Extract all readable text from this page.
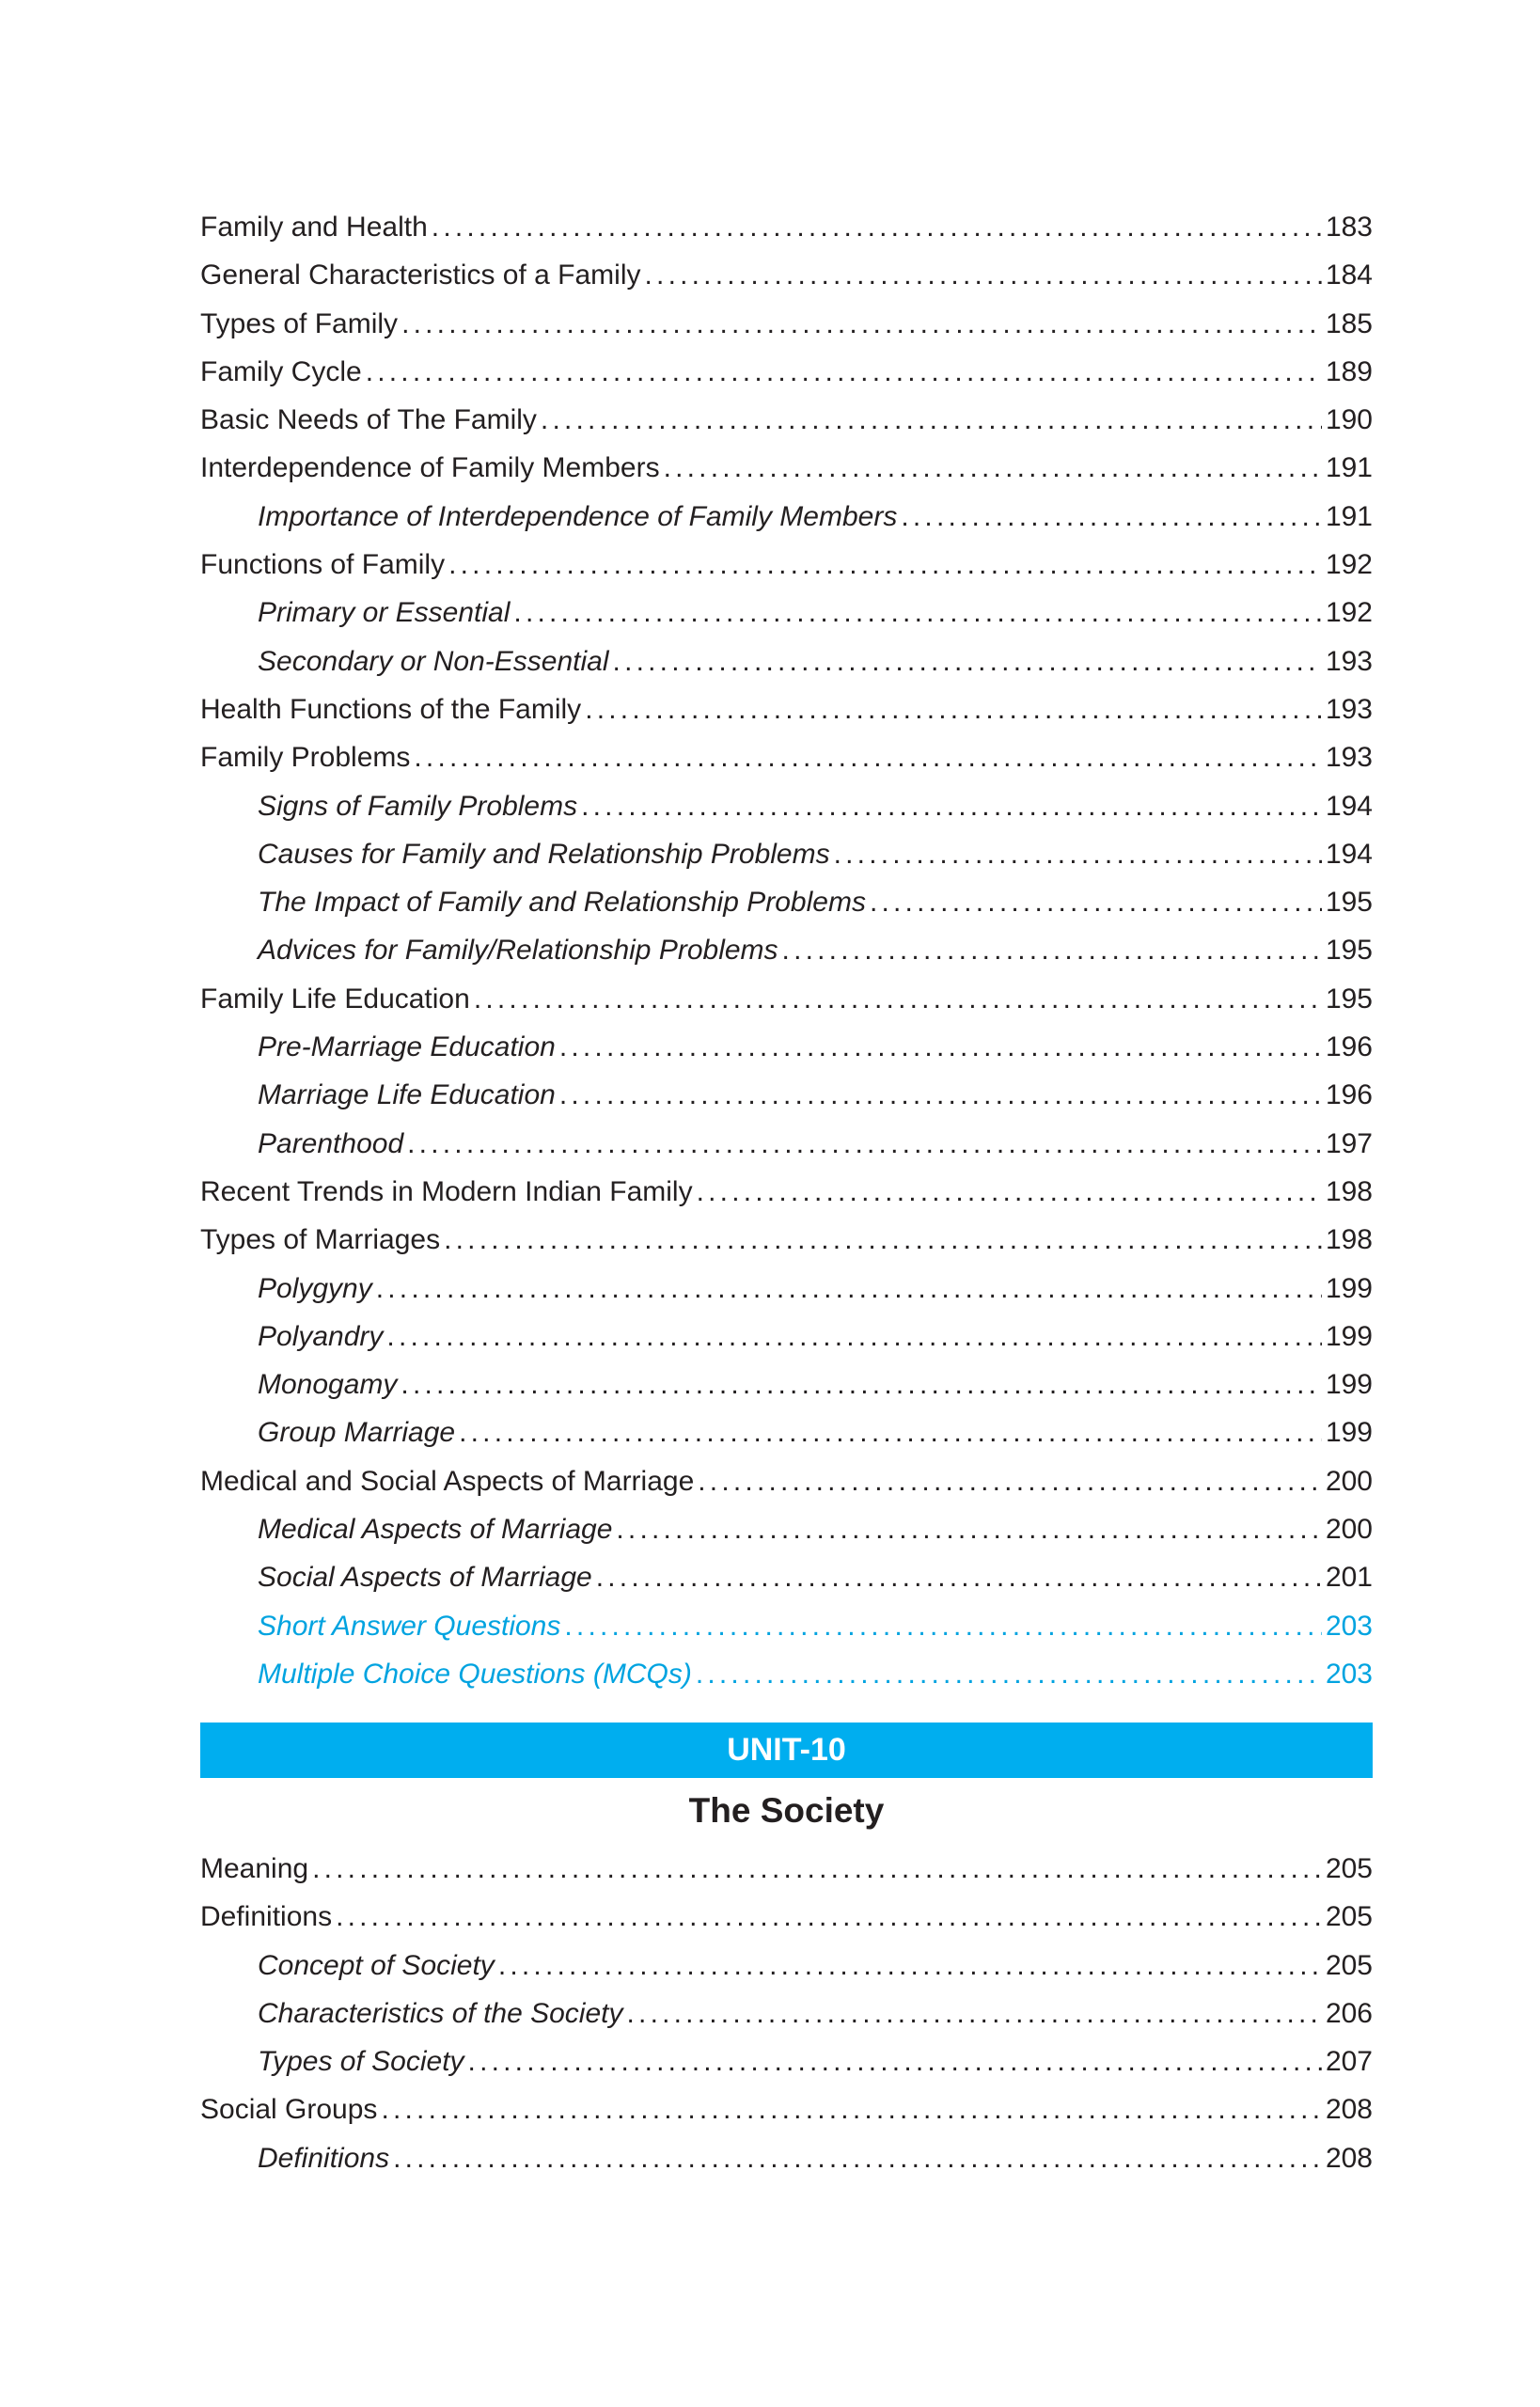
Family and Health .....	183
General Characteristics of a Family .....	184
Types of Family .....	185
Family Cycle .....	189
Basic Needs of The Family .....	190
Interdependence of Family Members .....	191
Importance of Interdependence of Family Members .....	191
Functions of Family .....	192
Primary or Essential .....	192
Secondary or Non-Essential .....	193
Health Functions of the Family .....	193
Family Problems .....	193
Signs of Family Problems .....	194
Causes for Family and Relationship Problems .....	194
The Impact of Family and Relationship Problems .....	195
Advices for Family/Relationship Problems .....	195
Family Life Education .....	195
Pre-Marriage Education .....	196
Marriage Life Education .....	196
Parenthood .....	197
Recent Trends in Modern Indian Family .....	198
Types of Marriages .....	198
Polygyny .....	199
Polyandry .....	199
Monogamy .....	199
Group Marriage .....	199
Medical and Social Aspects of Marriage .....	200
Medical Aspects of Marriage .....	200
Social Aspects of Marriage .....	201
Short Answer Questions .....	203
Multiple Choice Questions (MCQs) .....	203
UNIT-10
The Society
Meaning .....	205
Definitions .....	205
Concept of Society .....	205
Characteristics of the Society .....	206
Types of Society .....	207
Social Groups .....	208
Definitions .....	208
